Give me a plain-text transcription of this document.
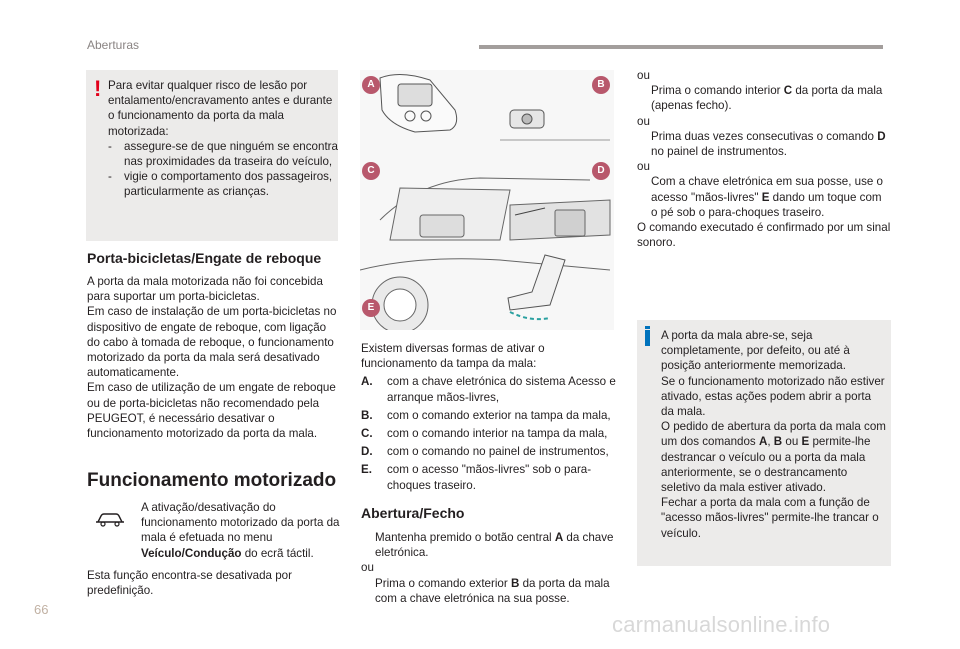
Aberturas
! Para evitar qualquer risco de lesão por entalamento/encravamento antes e durante o funcionamento da porta da mala motorizada:
- assegure-se de que ninguém se encontra nas proximidades da traseira do veículo,
- vigie o comportamento dos passageiros, particularmente as crianças.
Porta-bicicletas/Engate de reboque
A porta da mala motorizada não foi concebida para suportar um porta-bicicletas.
Em caso de instalação de um porta-bicicletas no dispositivo de engate de reboque, com ligação do cabo à tomada de reboque, o funcionamento motorizado da porta da mala será desativado automaticamente.
Em caso de utilização de um engate de reboque ou de porta-bicicletas não recomendado pela PEUGEOT, é necessário desativar o funcionamento motorizado da porta da mala.
Funcionamento motorizado
A ativação/desativação do funcionamento motorizado da porta da mala é efetuada no menu Veículo/Condução do ecrã táctil.
Esta função encontra-se desativada por predefinição.
A	B
C	D
E
Existem diversas formas de ativar o funcionamento da tampa da mala:
A. com a chave eletrónica do sistema Acesso e arranque mãos-livres,
B. com o comando exterior na tampa da mala,
C. com o comando interior na tampa da mala,
D. com o comando no painel de instrumentos,
E. com o acesso "mãos-livres" sob o para-choques traseiro.
Abertura/Fecho
Mantenha premido o botão central A da chave eletrónica.
ou
Prima o comando exterior B da porta da mala com a chave eletrónica na sua posse.
ou
Prima o comando interior C da porta da mala (apenas fecho).
ou
Prima duas vezes consecutivas o comando D no painel de instrumentos.
ou
Com a chave eletrónica em sua posse, use o acesso "mãos-livres" E dando um toque com o pé sob o para-choques traseiro.
O comando executado é confirmado por um sinal sonoro.
A porta da mala abre-se, seja completamente, por defeito, ou até à posição anteriormente memorizada.
Se o funcionamento motorizado não estiver ativado, estas ações podem abrir a porta da mala.
O pedido de abertura da porta da mala com um dos comandos A, B ou E permite-lhe destrancar o veículo ou a porta da mala anteriormente, se o destrancamento seletivo da mala estiver ativado.
Fechar a porta da mala com a função de "acesso mãos-livres" permite-lhe trancar o veículo.
66
carmanualsonline.info
